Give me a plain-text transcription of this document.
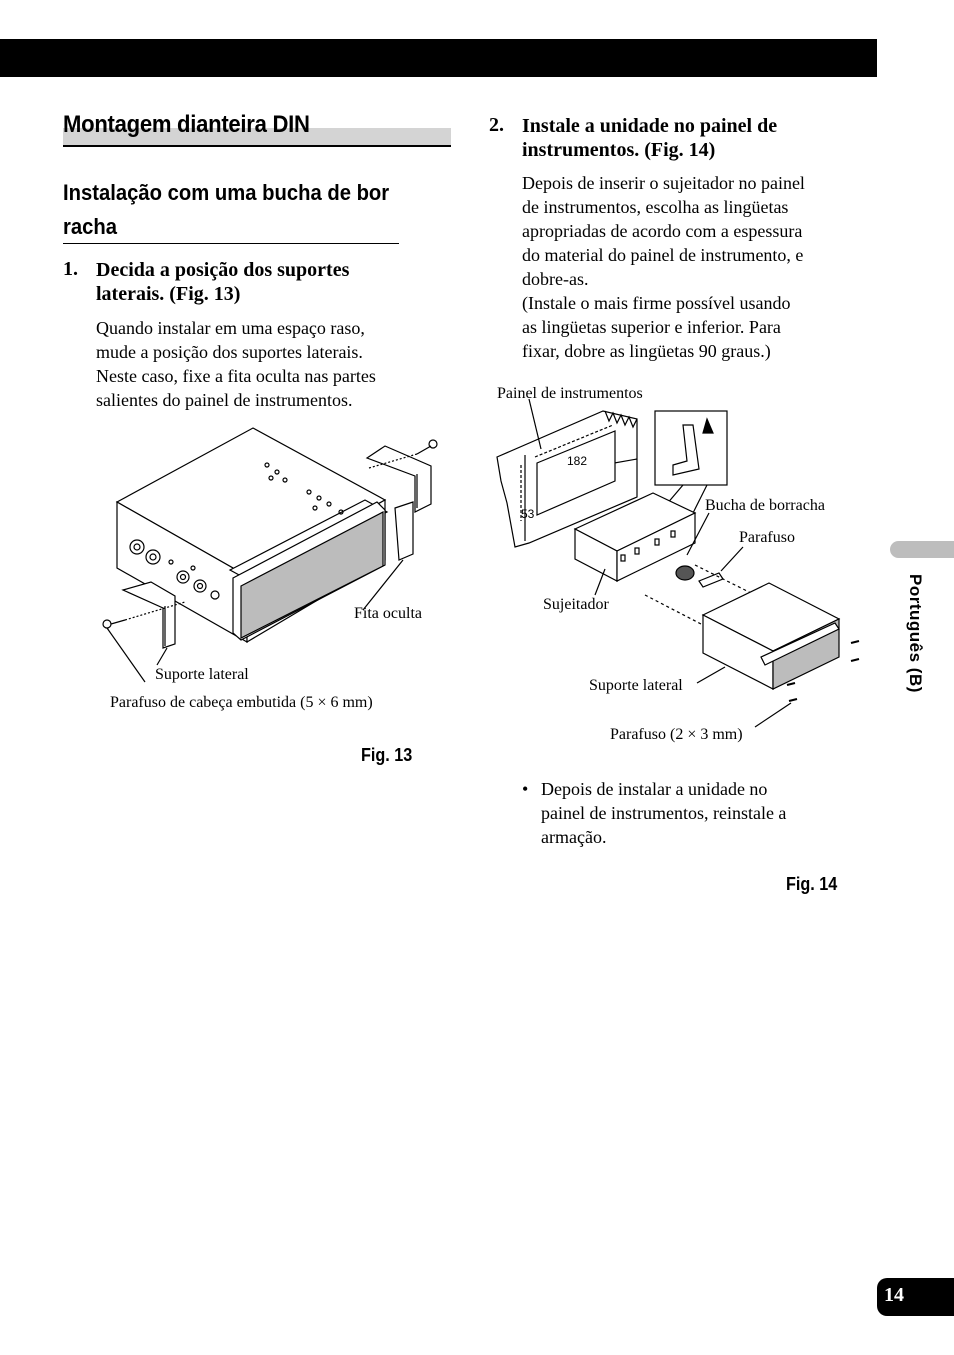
Montagem dianteira DIN
Instalação com uma bucha de bor
racha
1. Decida a posição dos suportes
laterais. (Fig. 13)
Quando instalar em uma espaço raso,
mude a posição dos suportes laterais.
Neste caso, fixe a fita oculta nas partes
salientes do painel de instrumentos.
Fita oculta
Suporte lateral
Parafuso de cabeça embutida (5 × 6 mm)
Fig. 13
2. Instale a unidade no painel de
instrumentos. (Fig. 14)
Depois de inserir o sujeitador no painel
de instrumentos, escolha as lingüetas
apropriadas de acordo com a espessura
do material do painel de instrumento, e
dobre-as.
(Instale o mais firme possível usando
as lingüetas superior e inferior. Para
fixar, dobre as lingüetas 90 graus.)
182
53
Painel de instrumentos
Bucha de borracha
Parafuso
Sujeitador
Suporte lateral
Parafuso (2 × 3 mm)
• Depois de instalar a unidade no
painel de instrumentos, reinstale a
armação.
Fig. 14
Português (B)
14
